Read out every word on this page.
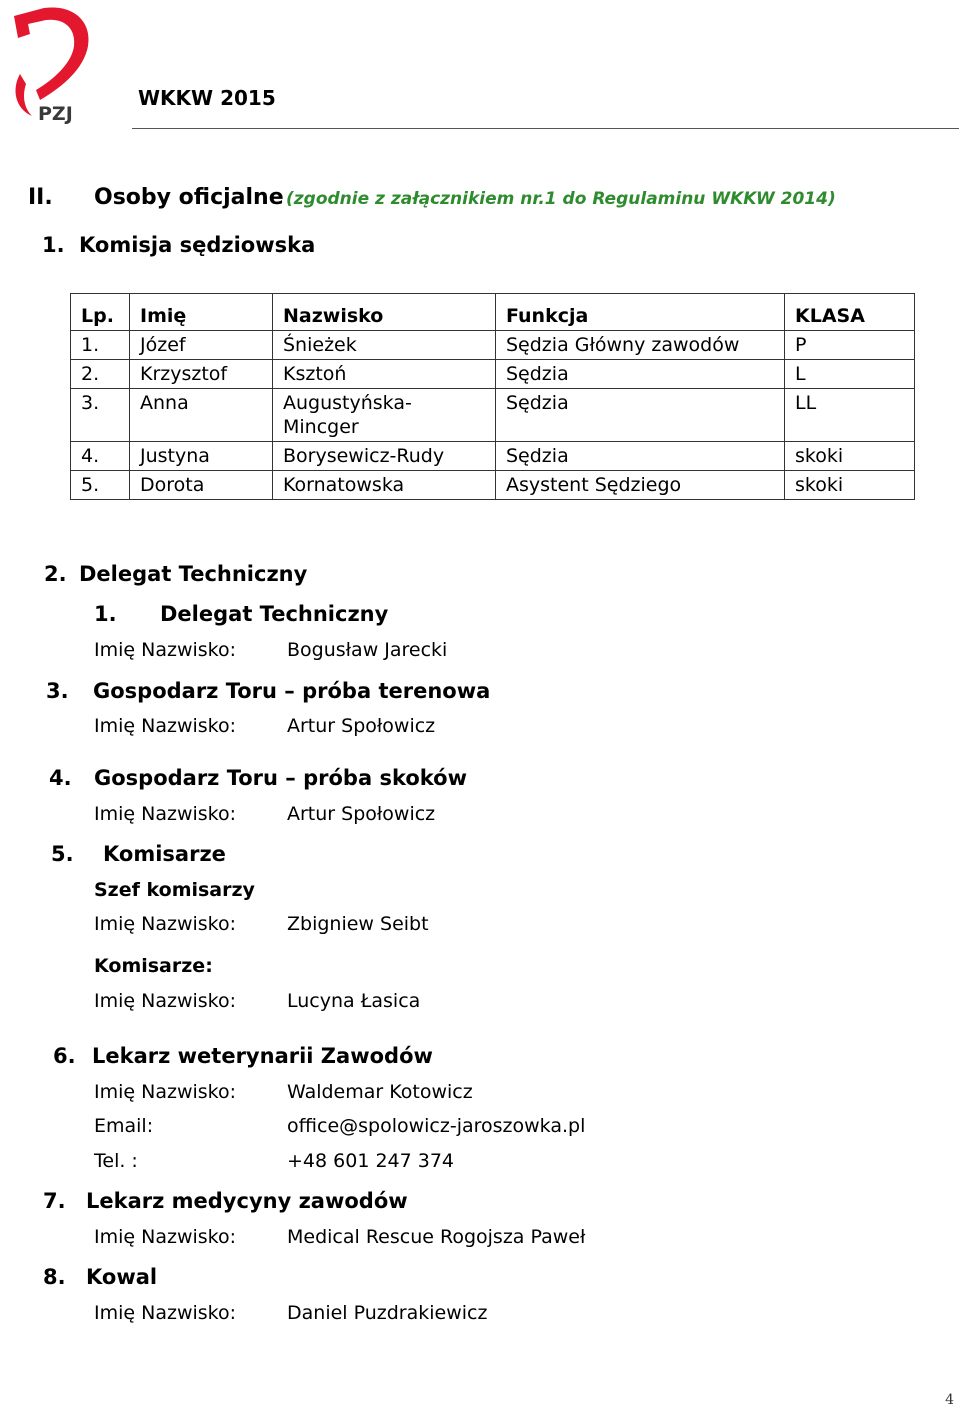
PZJ
WKKW 2015
II. Osoby oficjalne (zgodnie z załącznikiem nr.1 do Regulaminu WKKW 2014)
1. Komisja sędziowska
Lp.	Imię	Nazwisko	Funkcja	KLASA
1.	Józef	Śnieżek	Sędzia Główny zawodów	P
2.	Krzysztof	Ksztoń	Sędzia	L
3.	Anna	Augustyńska-Mincger	Sędzia	LL
4.	Justyna	Borysewicz-Rudy	Sędzia	skoki
5.	Dorota	Kornatowska	Asystent Sędziego	skoki
2. Delegat Techniczny
1. Delegat Techniczny
Imię Nazwisko:	Bogusław Jarecki
3. Gospodarz Toru – próba terenowa
Imię Nazwisko:	Artur Społowicz
4. Gospodarz Toru – próba skoków
Imię Nazwisko:	Artur Społowicz
5. Komisarze
Szef komisarzy
Imię Nazwisko:	Zbigniew Seibt
Komisarze:
Imię Nazwisko:	Lucyna Łasica
6. Lekarz weterynarii Zawodów
Imię Nazwisko:	Waldemar Kotowicz
Email:	office@spolowicz-jaroszowka.pl
Tel. :	+48 601 247 374
7. Lekarz medycyny zawodów
Imię Nazwisko:	Medical Rescue Rogojsza Paweł
8. Kowal
Imię Nazwisko:	Daniel Puzdrakiewicz
4
